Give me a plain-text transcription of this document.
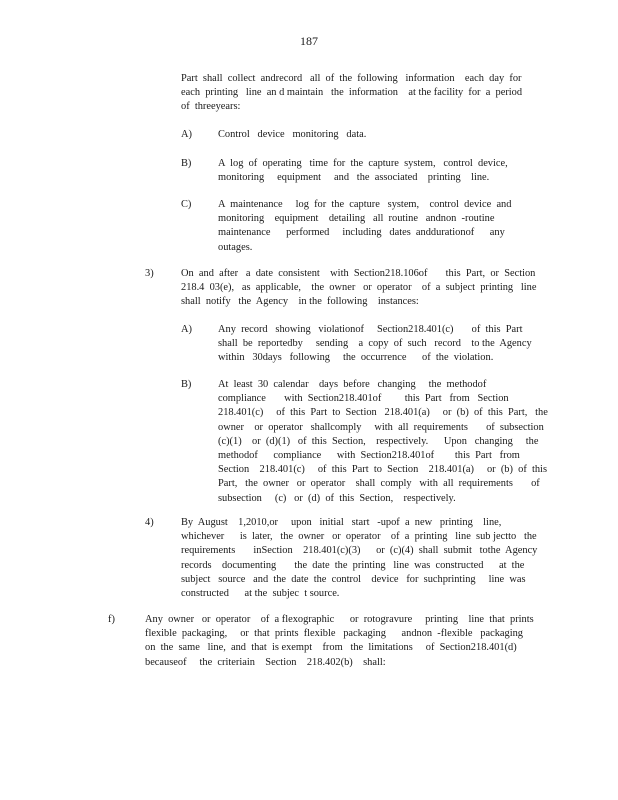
187
Part  shall  collect  andrecord   all  of  the  following   information    each  day  for
each  printing   line  an d maintain   the  information    at the facility  for  a  period
of  threeyears:
A)	Control   device   monitoring   data.
B)	A  log  of  operating   time  for  the  capture  system,   control  device,
monitoring     equipment     and   the  associated    printing    line.
C)	A  maintenance     log  for  the  capture   system,    control  device  and
monitoring    equipment    detailing   all  routine   andnon  -routine
maintenance      performed     including   dates  anddurationof      any
outages.
3)	On  and  after   a  date  consistent    with  Section218.106of       this  Part,  or  Section
218.4  03(e),   as  applicable,    the  owner   or  operator    of  a  subject  printing   line
shall  notify   the  Agency    in the  following    instances:
A)	Any  record   showing   violationof     Section218.401(c)       of  this  Part
shall  be  reportedby     sending    a  copy  of  such   record    to the  Agency
within   30days   following     the  occurrence      of  the  violation.
B)	At  least  30  calendar    days  before   changing     the  methodof
compliance       with  Section218.401of         this  Part   from   Section
218.401(c)     of  this  Part  to  Section   218.401(a)     or  (b)  of  this  Part,   the
owner    or  operator   shallcomply     with  all  requirements       of  subsection
(c)(1)    or  (d)(1)   of  this  Section,    respectively.      Upon   changing     the
methodof      compliance      with  Section218.401of        this  Part   from
Section    218.401(c)     of  this  Part  to  Section    218.401(a)     or  (b)  of  this
Part,   the  owner   or  operator    shall  comply   with  all  requirements       of
subsection     (c)   or  (d)  of  this  Section,    respectively.
4)	By  August    1,2010,or     upon   initial   start   -upof  a  new   printing    line,
whichever      is  later,   the  owner   or  operator    of  a  printing   line  sub jectto   the
requirements       inSection    218.401(c)(3)      or  (c)(4)  shall  submit   tothe  Agency
records    documenting       the  date  the  printing   line  was  constructed      at  the
subject   source   and  the  date  the  control    device   for  suchprinting     line  was
constructed      at the  subjec  t source.
f)	Any  owner   or  operator    of  a flexographic      or  rotogravure     printing    line  that  prints
flexible  packaging,     or  that  prints  flexible   packaging      andnon  -flexible   packaging
on  the  same   line,  and  that  is exempt    from   the  limitations     of  Section218.401(d)
becauseof     the  criteriain    Section    218.402(b)    shall:
